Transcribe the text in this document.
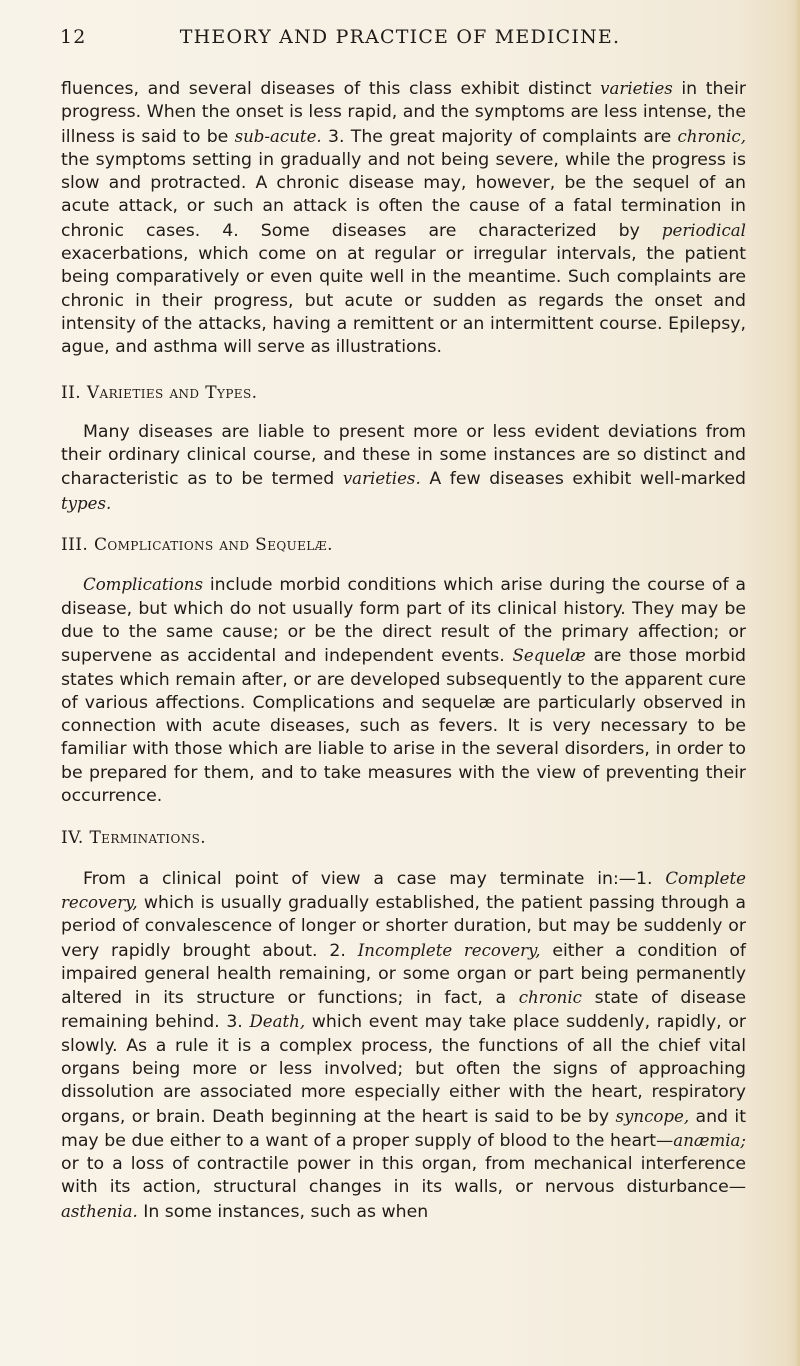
12	THEORY AND PRACTICE OF MEDICINE.

fluences, and several diseases of this class exhibit distinct varieties in their progress. When the onset is less rapid, and the symptoms are less intense, the illness is said to be sub-acute. 3. The great majority of complaints are chronic, the symptoms setting in gradually and not being severe, while the progress is slow and protracted. A chronic disease may, however, be the sequel of an acute attack, or such an attack is often the cause of a fatal termination in chronic cases. 4. Some diseases are characterized by periodical exacerbations, which come on at regular or irregular intervals, the patient being comparatively or even quite well in the meantime. Such complaints are chronic in their progress, but acute or sudden as regards the onset and intensity of the attacks, having a remittent or an intermittent course. Epilepsy, ague, and asthma will serve as illustrations.

II. Varieties and Types.

Many diseases are liable to present more or less evident deviations from their ordinary clinical course, and these in some instances are so distinct and characteristic as to be termed varieties. A few diseases exhibit well-marked types.

III. Complications and Sequelæ.

Complications include morbid conditions which arise during the course of a disease, but which do not usually form part of its clinical history. They may be due to the same cause; or be the direct result of the primary affection; or supervene as accidental and independent events. Sequelæ are those morbid states which remain after, or are developed subsequently to the apparent cure of various affections. Complications and sequelæ are particularly observed in connection with acute diseases, such as fevers. It is very necessary to be familiar with those which are liable to arise in the several disorders, in order to be prepared for them, and to take measures with the view of preventing their occurrence.

IV. Terminations.

From a clinical point of view a case may terminate in:—1. Complete recovery, which is usually gradually established, the patient passing through a period of convalescence of longer or shorter duration, but may be suddenly or very rapidly brought about. 2. Incomplete recovery, either a condition of impaired general health remaining, or some organ or part being permanently altered in its structure or functions; in fact, a chronic state of disease remaining behind. 3. Death, which event may take place suddenly, rapidly, or slowly. As a rule it is a complex process, the functions of all the chief vital organs being more or less involved; but often the signs of approaching dissolution are associated more especially either with the heart, respiratory organs, or brain. Death beginning at the heart is said to be by syncope, and it may be due either to a want of a proper supply of blood to the heart—anæmia; or to a loss of contractile power in this organ, from mechanical interference with its action, structural changes in its walls, or nervous disturbance—asthenia. In some instances, such as when
